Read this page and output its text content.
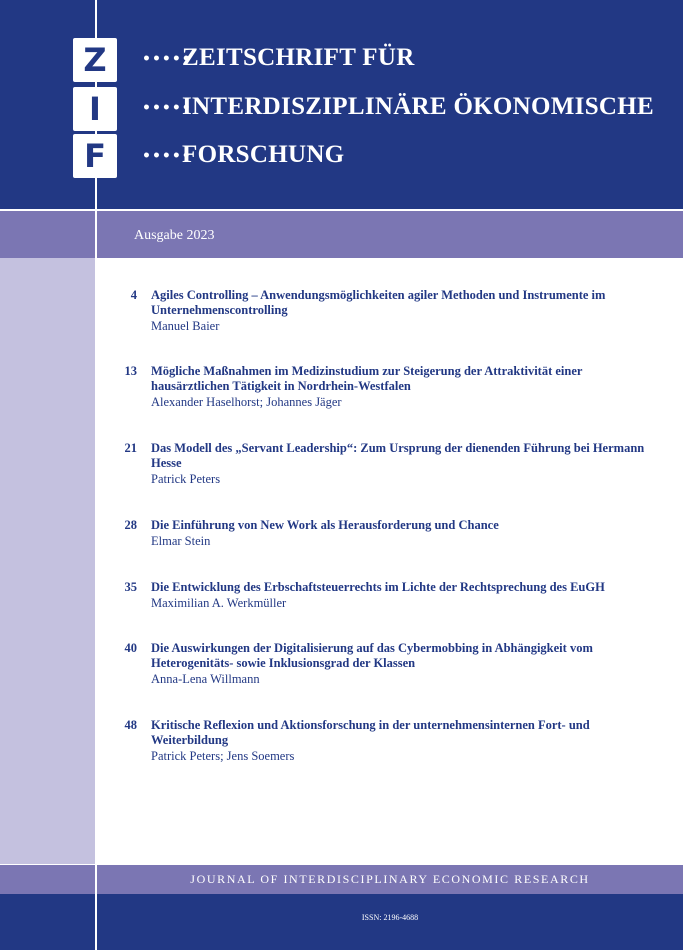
Z
I
F
•••••ZEITSCHRIFT FÜR
•••••INTERDISZIPLINÄRE ÖKONOMISCHE
•••••FORSCHUNG
Ausgabe 2023
4 Agiles Controlling – Anwendungsmöglichkeiten agiler Methoden und Instrumente im Unternehmenscontrolling
Manuel Baier
13 Mögliche Maßnahmen im Medizinstudium zur Steigerung der Attraktivität einer hausärztlichen Tätigkeit in Nordrhein-Westfalen
Alexander Haselhorst; Johannes Jäger
21 Das Modell des „Servant Leadership“: Zum Ursprung der dienenden Führung bei Hermann Hesse
Patrick Peters
28 Die Einführung von New Work als Herausforderung und Chance
Elmar Stein
35 Die Entwicklung des Erbschaftsteuerrechts im Lichte der Rechtsprechung des EuGH
Maximilian A. Werkmüller
40 Die Auswirkungen der Digitalisierung auf das Cybermobbing in Abhängigkeit vom Heterogenitäts- sowie Inklusionsgrad der Klassen
Anna-Lena Willmann
48 Kritische Reflexion und Aktionsforschung in der unternehmensinternen Fort- und Weiterbildung
Patrick Peters; Jens Soemers
JOURNAL OF INTERDISCIPLINARY ECONOMIC RESEARCH
ISSN: 2196-4688
